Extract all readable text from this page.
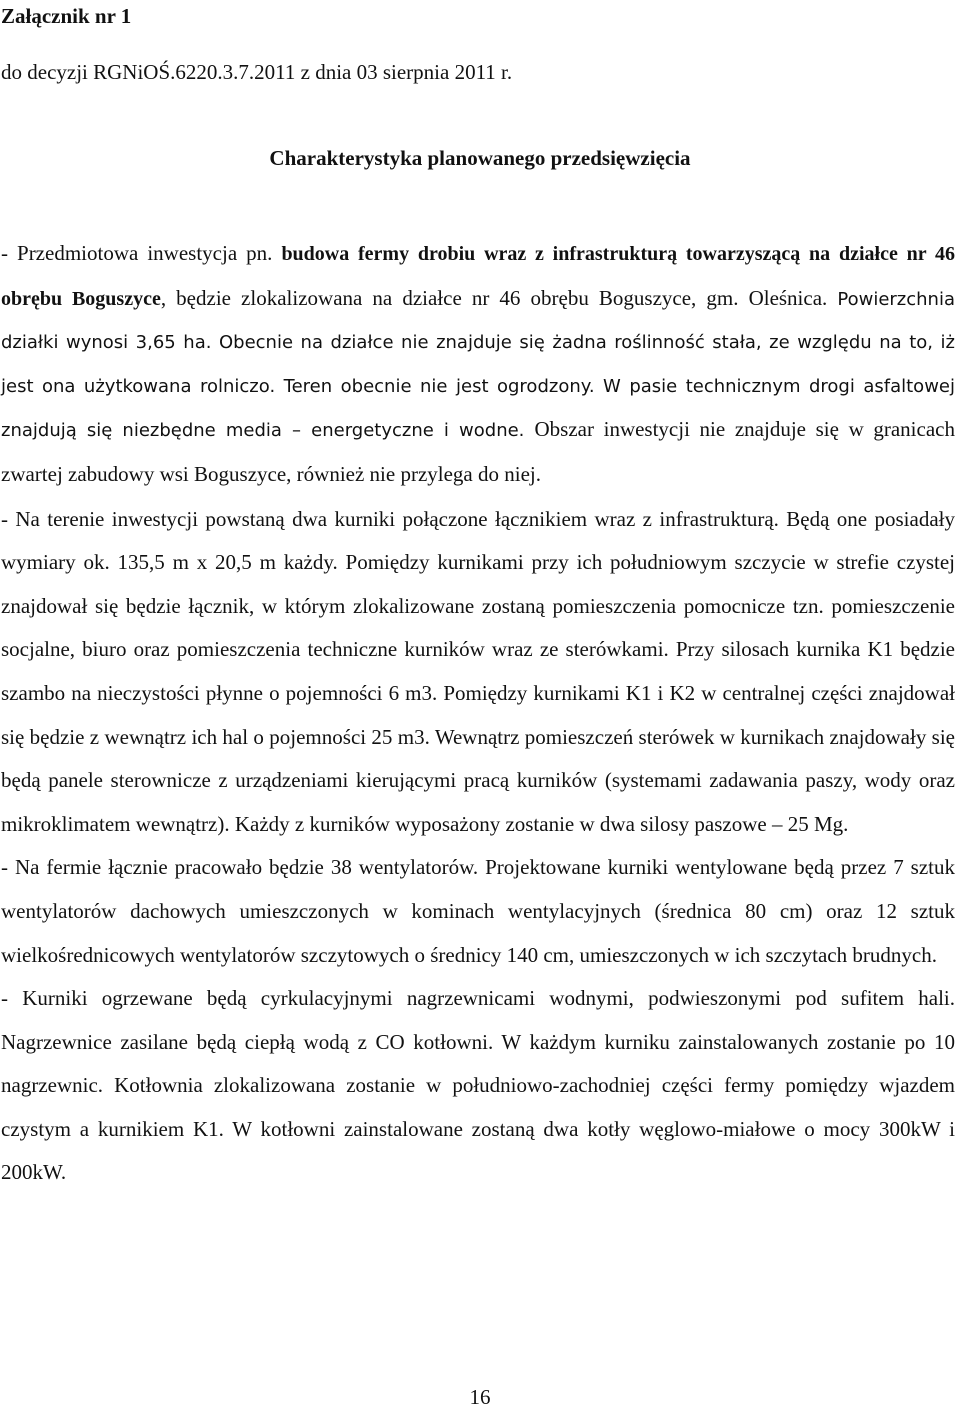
Załącznik nr 1
do decyzji RGNiOŚ.6220.3.7.2011 z dnia 03 sierpnia 2011 r.
Charakterystyka planowanego przedsięwzięcia

- Przedmiotowa inwestycja pn. budowa fermy drobiu wraz z infrastrukturą towarzyszącą na działce nr 46 obrębu Boguszyce, będzie zlokalizowana na działce nr 46 obrębu Boguszyce, gm. Oleśnica. Powierzchnia działki wynosi 3,65 ha. Obecnie na działce nie znajduje się żadna roślinność stała, ze względu na to, iż jest ona użytkowana rolniczo. Teren obecnie nie jest ogrodzony. W pasie technicznym drogi asfaltowej znajdują się niezbędne media – energetyczne i wodne. Obszar inwestycji nie znajduje się w granicach zwartej zabudowy wsi Boguszyce, również nie przylega do niej.

- Na terenie inwestycji powstaną dwa kurniki połączone łącznikiem wraz z infrastrukturą. Będą one posiadały wymiary ok. 135,5 m x 20,5 m każdy. Pomiędzy kurnikami przy ich południowym szczycie w strefie czystej znajdował się będzie łącznik, w którym zlokalizowane zostaną pomieszczenia pomocnicze tzn. pomieszczenie socjalne, biuro oraz pomieszczenia techniczne kurników wraz ze sterówkami. Przy silosach kurnika K1 będzie szambo na nieczystości płynne o pojemności 6 m3. Pomiędzy kurnikami K1 i K2 w centralnej części znajdował się będzie z wewnątrz ich hal o pojemności 25 m3. Wewnątrz pomieszczeń sterówek w kurnikach znajdowały się będą panele sterownicze z urządzeniami kierującymi pracą kurników (systemami zadawania paszy, wody oraz mikroklimatem wewnątrz). Każdy z kurników wyposażony zostanie w dwa silosy paszowe – 25 Mg.

- Na fermie łącznie pracowało będzie 38 wentylatorów. Projektowane kurniki wentylowane będą przez 7 sztuk wentylatorów dachowych umieszczonych w kominach wentylacyjnych (średnica 80 cm) oraz 12 sztuk wielkośrednicowych wentylatorów szczytowych o średnicy 140 cm, umieszczonych w ich szczytach brudnych.

- Kurniki ogrzewane będą cyrkulacyjnymi nagrzewnicami wodnymi, podwieszonymi pod sufitem hali. Nagrzewnice zasilane będą ciepłą wodą z CO kotłowni. W każdym kurniku zainstalowanych zostanie po 10 nagrzewnic. Kotłownia zlokalizowana zostanie w południowo-zachodniej części fermy pomiędzy wjazdem czystym a kurnikiem K1. W kotłowni zainstalowane zostaną dwa kotły węglowo-miałowe o mocy 300kW i 200kW.

16
